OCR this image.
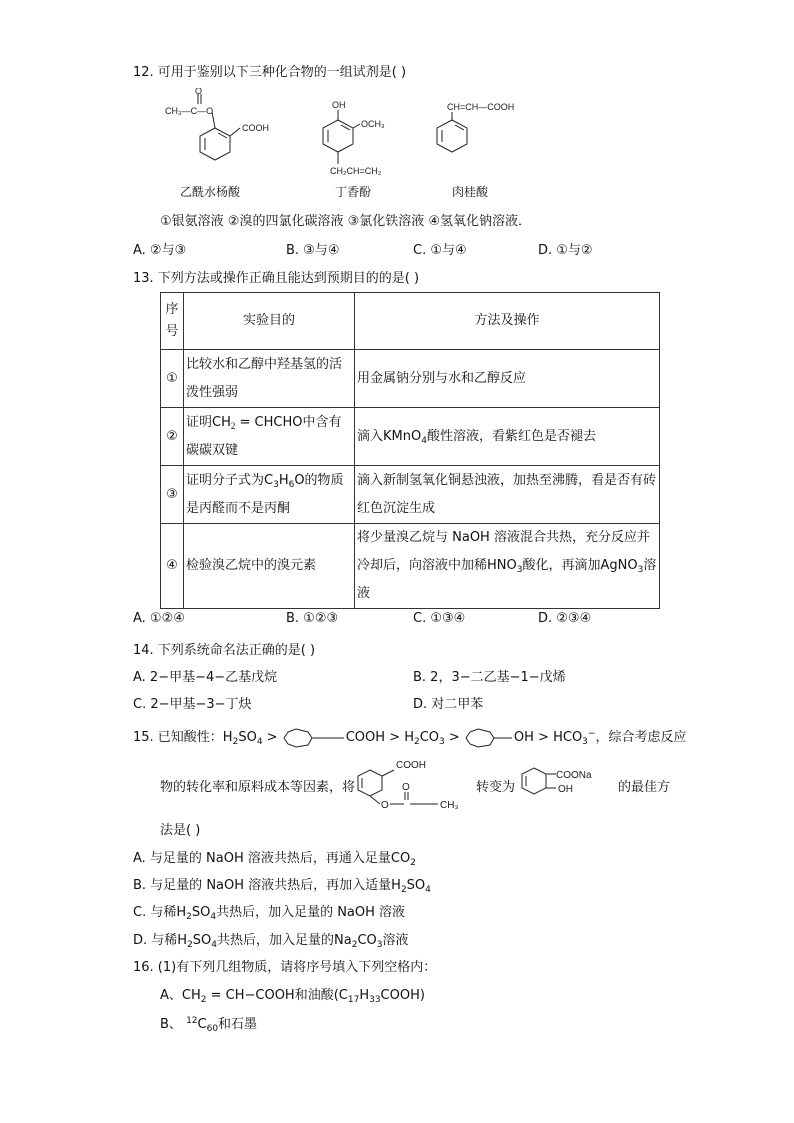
12. 可用于鉴别以下三种化合物的一组试剂是( )
O
CH₃—C—O
COOH
OH
OCH₃
CH₂CH=CH₂
CH=CH—COOH
乙酰水杨酸	丁香酚	肉桂酸
①银氨溶液 ②溴的四氯化碳溶液 ③氯化铁溶液 ④氢氧化钠溶液．
A. ②与③	B. ③与④	C. ①与④	D. ①与②
13. 下列方法或操作正确且能达到预期目的的是( )
序号	实验目的	方法及操作
①	比较水和乙醇中羟基氢的活泼性强弱	用金属钠分别与水和乙醇反应
②	证明$CH_2$ = CHCHO中含有碳碳双键	滴入KMnO$_4$酸性溶液，看紫红色是否褪去
③	证明分子式为$C_3H_6O$的物质是丙醛而不是丙酮	滴入新制氢氧化铜悬浊液，加热至沸腾，看是否有砖红色沉淀生成
④	检验溴乙烷中的溴元素	将少量溴乙烷与 NaOH 溶液混合共热，充分反应并冷却后，向溶液中加稀$HNO_3$酸化，再滴加AgNO$_3$溶液
A. ①②④	B. ①②③	C. ①③④	D. ②③④
14. 下列系统命名法正确的是( )
A. 2−甲基−4−乙基戊烷	B. 2，3−二乙基−1−戊烯
C. 2−甲基−3−丁炔	D. 对二甲苯
15. 已知酸性：$H_2SO_4$ >	COOH > $H_2CO_3$ >	OH > $HCO_3^-$，综合考虑反应
物的转化率和原料成本等因素，将
COOH
O
O	CH₃
转变为
COONa
OH	的最佳方
法是( )
A. 与足量的 NaOH 溶液共热后，再通入足量$CO_2$
B. 与足量的 NaOH 溶液共热后，再加入适量$H_2SO_4$
C. 与稀$H_2SO_4$共热后，加入足量的 NaOH 溶液
D. 与稀$H_2SO_4$共热后，加入足量的$Na_2CO_3$溶液
16. (1)有下列几组物质，请将序号填入下列空格内：
A、$CH_2$ = CH−COOH和油酸$(C_{17}H_{33}COOH)$
B、 $^{12}C_{60}$和石墨
